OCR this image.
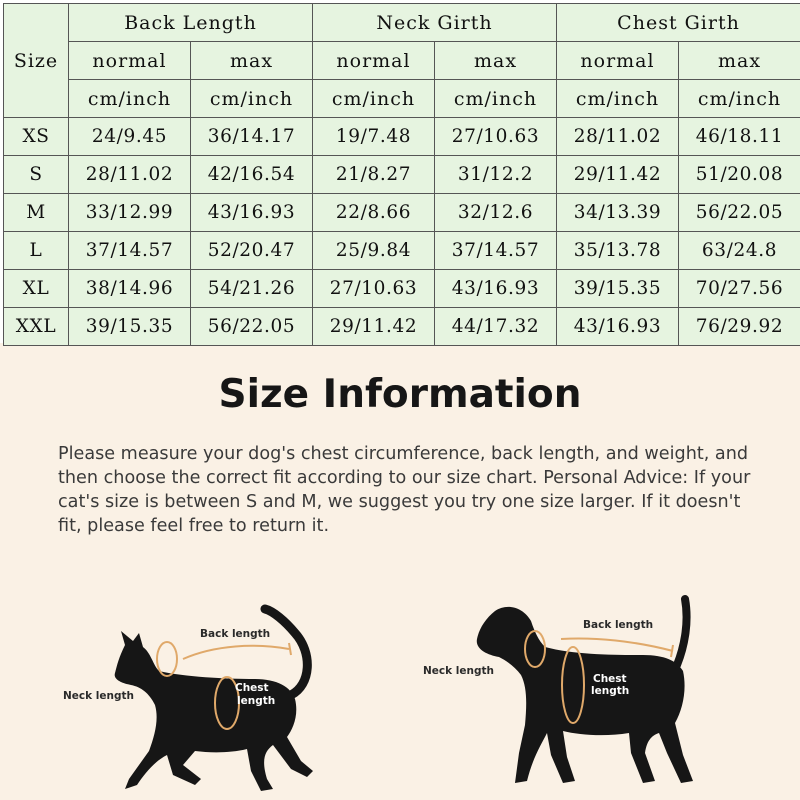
Size	Back Length		Neck Girth		Chest Girth	
	normal	max	normal	max	normal	max
	cm/inch	cm/inch	cm/inch	cm/inch	cm/inch	cm/inch
XS	24/9.45	36/14.17	19/7.48	27/10.63	28/11.02	46/18.11
S	28/11.02	42/16.54	21/8.27	31/12.2	29/11.42	51/20.08
M	33/12.99	43/16.93	22/8.66	32/12.6	34/13.39	56/22.05
L	37/14.57	52/20.47	25/9.84	37/14.57	35/13.78	63/24.8
XL	38/14.96	54/21.26	27/10.63	43/16.93	39/15.35	70/27.56
XXL	39/15.35	56/22.05	29/11.42	44/17.32	43/16.93	76/29.92
Size Information

Please measure your dog's chest circumference, back length, and weight, and then choose the correct fit according to our size chart. Personal Advice: If your cat's size is between S and M, we suggest you try one size larger. If it doesn't fit, please feel free to return it.

Back length
Neck length
Chest
length
Back length
Neck length
Chest
length
